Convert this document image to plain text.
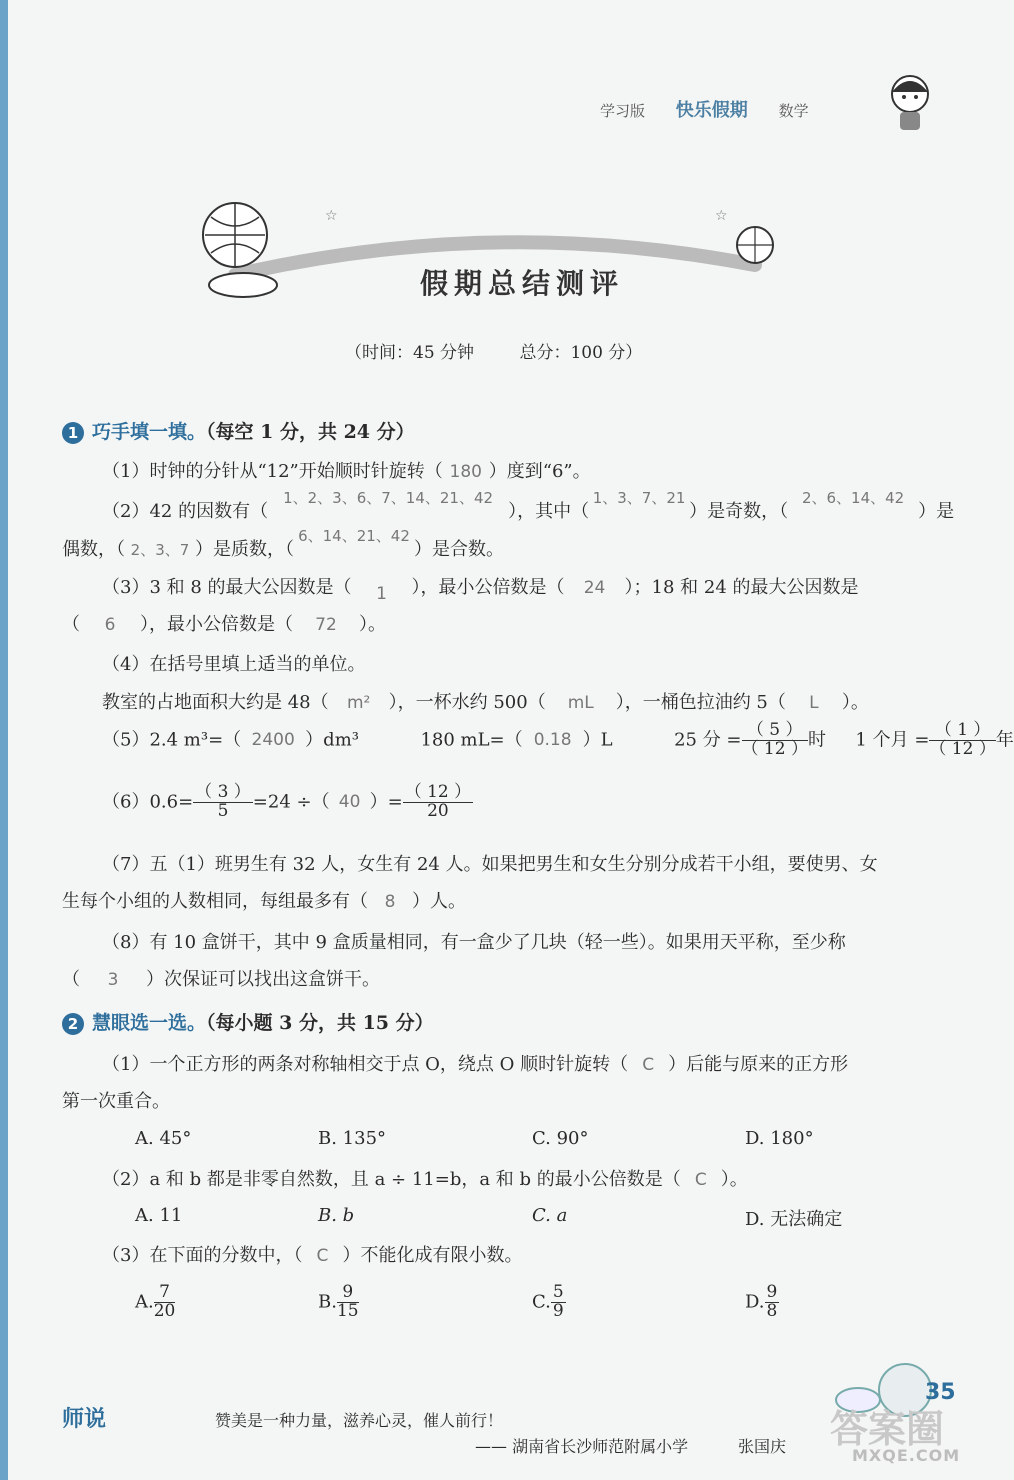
学习版 快乐假期 数学
☆	☆
假期总结测评
（时间：45 分钟	总分：100 分）
1 巧手填一填。（每空 1 分，共 24 分）
（1）时钟的分针从“12”开始顺时针旋转（ 180 ）度到“6”。
（2）42 的因数有（1、2、3、6、7、14、21、42），其中（1、3、7、21）是奇数，（2、6、14、42）是
偶数，（ 2、3、7 ）是质数，（6、14、21、42）是合数。
（3）3 和 8 的最大公因数是（ 1 ），最小公倍数是（ 24 ）；18 和 24 的最大公因数是
（ 6 ），最小公倍数是（ 72 ）。
（4）在括号里填上适当的单位。
教室的占地面积大约是 48（ m² ），一杯水约 500（ mL ），一桶色拉油约 5（ L ）。
（5）2.4 m³=（ 2400 ）dm³	180 mL=（ 0.18 ）L	25 分 = $\frac{( 5 )}{( 12 )}$ 时 1 个月 = $\frac{( 1 )}{( 12 )}$ 年
$(6)0.6= \frac{( 3 )}{5} =24$ ÷（ 40 ）= $\frac{( 12 )}{20}$
（7）五（1）班男生有 32 人，女生有 24 人。如果把男生和女生分别分成若干小组，要使男、女
生每个小组的人数相同，每组最多有（ 8 ）人。
（8）有 10 盒饼干，其中 9 盒质量相同，有一盒少了几块（轻一些）。如果用天平称，至少称
（ 3 ）次保证可以找出这盒饼干。
2 慧眼选一选。（每小题 3 分，共 15 分）
（1）一个正方形的两条对称轴相交于点 O，绕点 O 顺时针旋转（ C ）后能与原来的正方形
第一次重合。
A. 45°	B. 135°	C. 90°	D. 180°
（2）a 和 b 都是非零自然数，且 a ÷ 11=b，a 和 b 的最小公倍数是（ C ）。
A. 11	B. b	C. a	D. 无法确定
（3）在下面的分数中，（ C ）不能化成有限小数。
A. $\frac{7}{20}$	B. $\frac{9}{15}$	C. $\frac{5}{9}$	D. $\frac{9}{8}$
师说	赞美是一种力量，滋养心灵，催人前行！
—— 湖南省长沙师范附属小学	张国庆
35
答案圈
MXQE.COM
